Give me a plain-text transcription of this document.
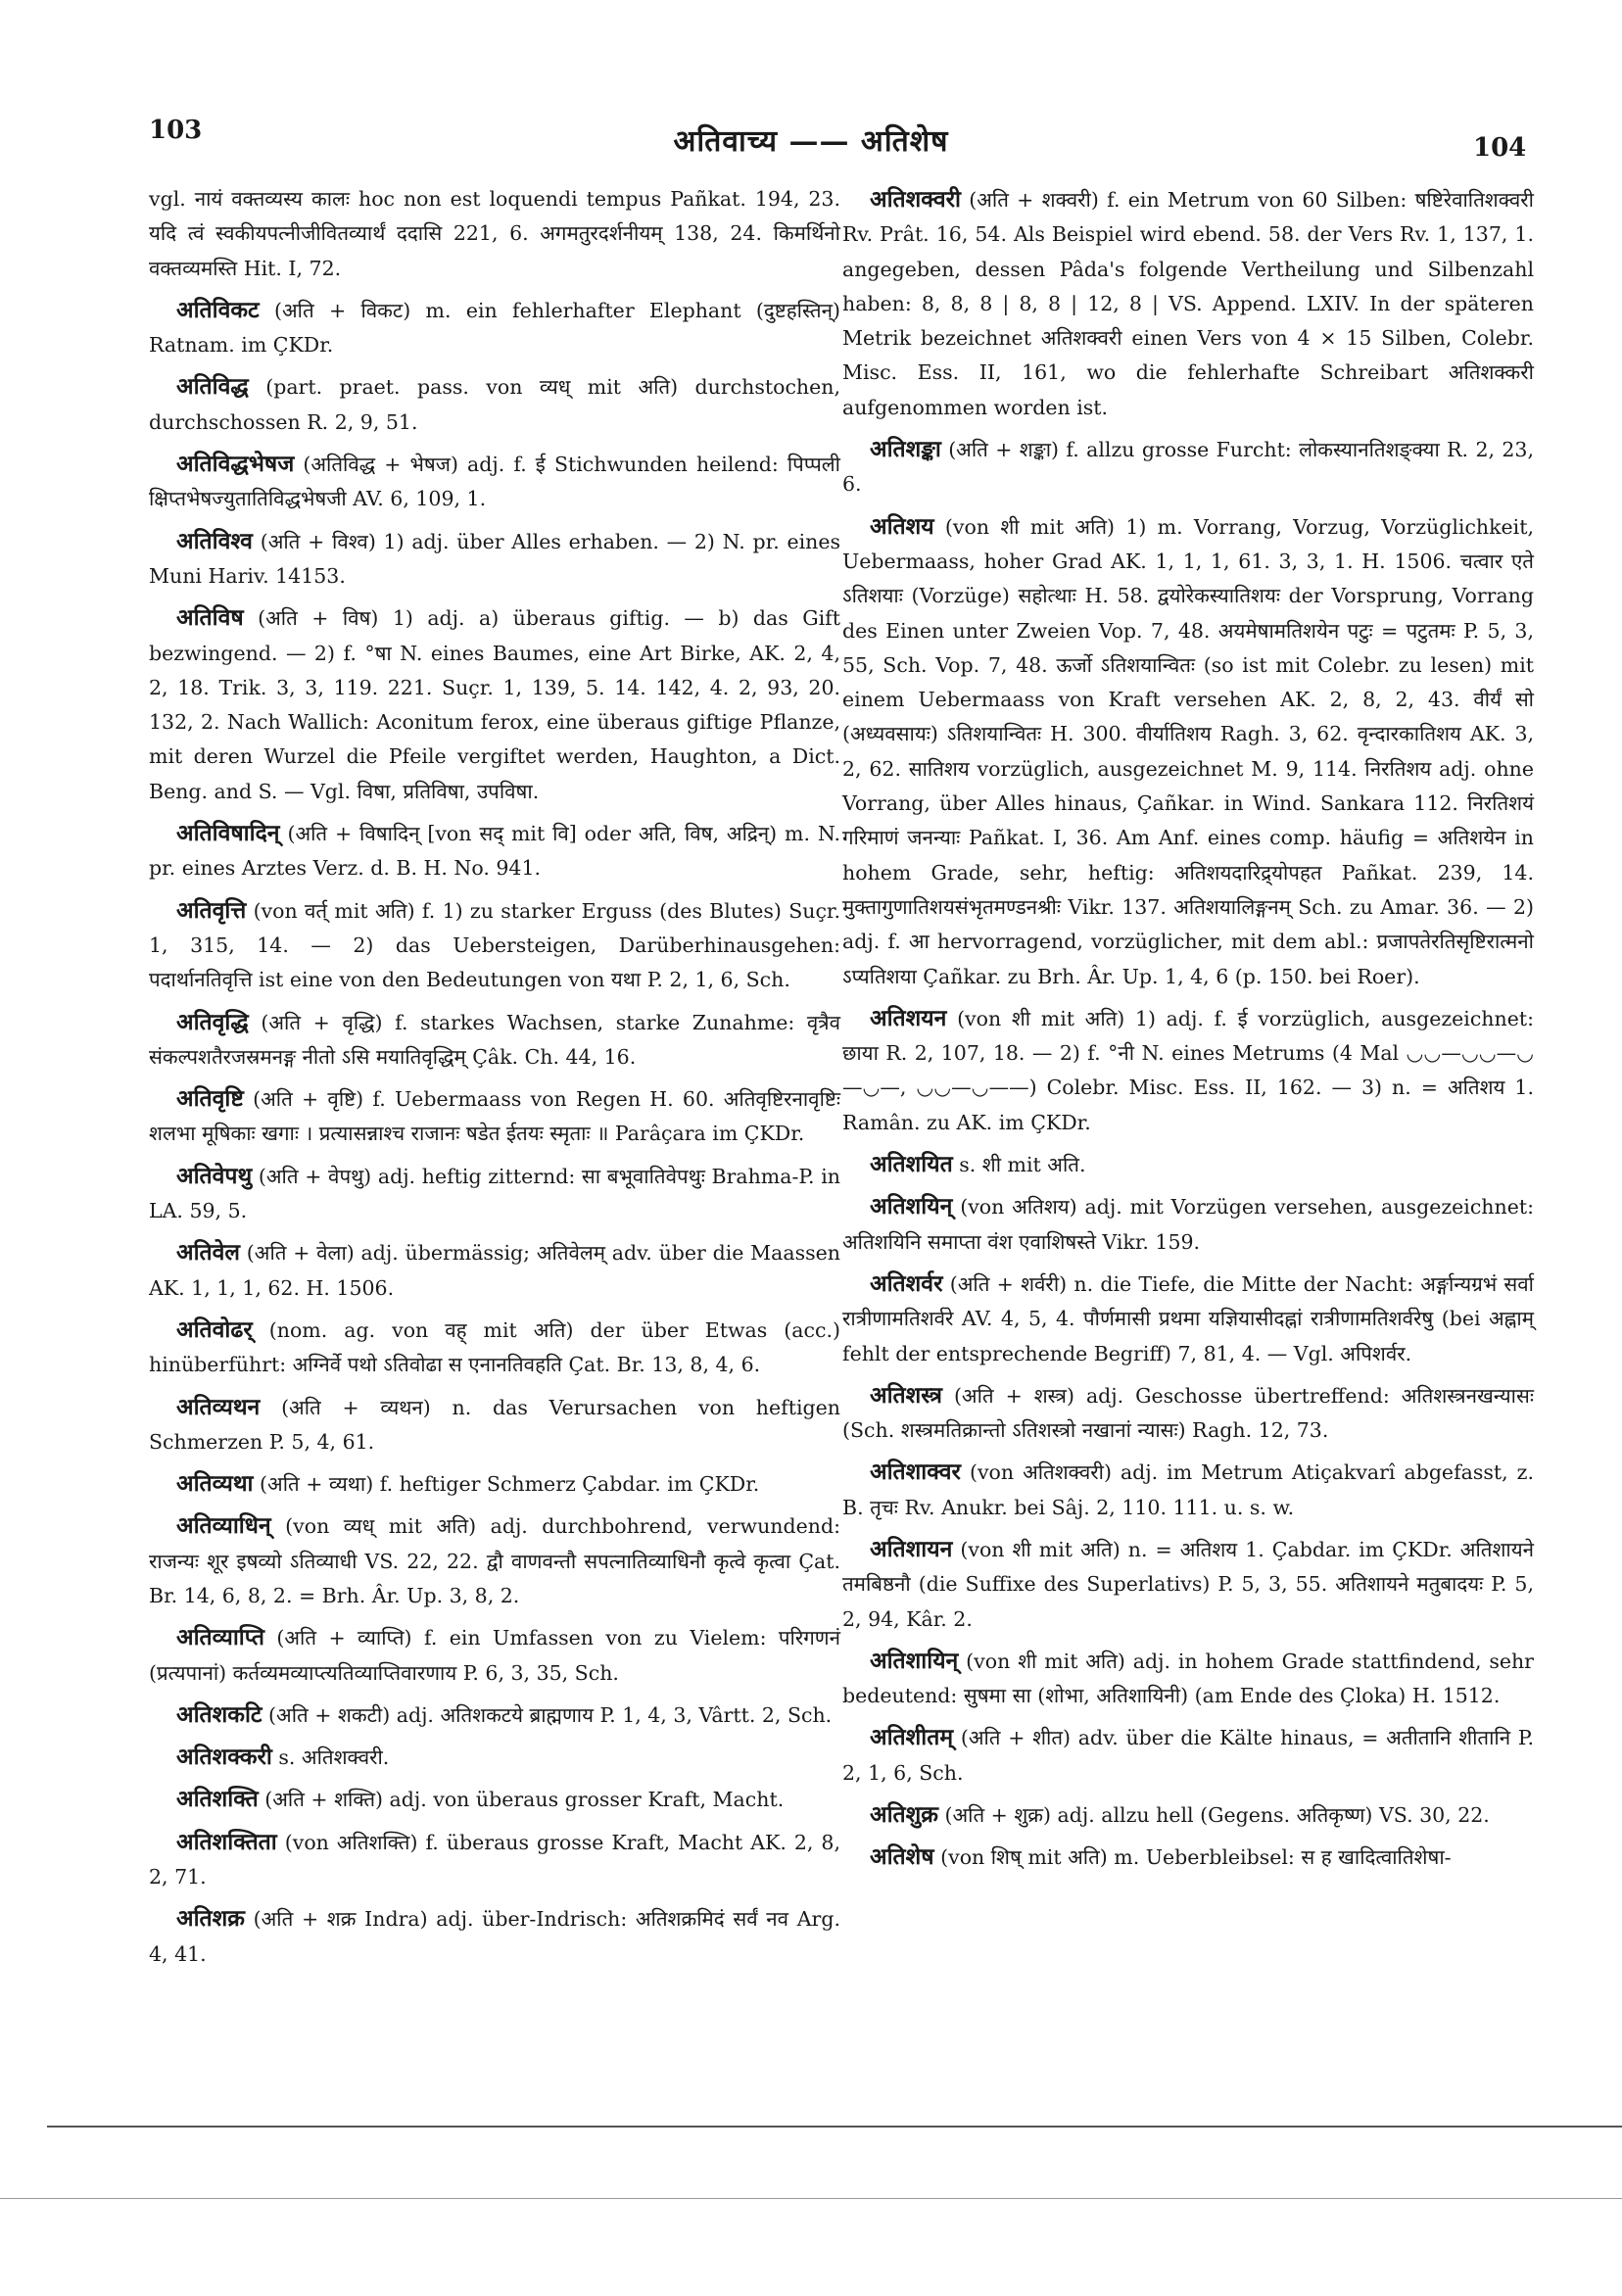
103	अतिवाच्य —— अतिशेष	104

vgl. नायं वक्तव्यस्य कालः hoc non est loquendi tempus Pañkat. 194, 23. यदि त्वं स्वकीयपत्नीजीवितव्यार्थं ददासि 221, 6. अगमतुरदर्शनीयम् 138, 24. किमर्थिनो वक्तव्यमस्ति Hit. I, 72.

अतिविकट (अति + विकट) m. ein fehlerhafter Elephant (दुष्टहस्तिन्) Ratnam. im ÇKDr.

अतिविद्ध (part. praet. pass. von व्यध् mit अति) durchstochen, durchschossen R. 2, 9, 51.

अतिविद्धभेषज (अतिविद्ध + भेषज) adj. f. ई Stichwunden heilend: पिप्पली क्षिप्तभेषज्युतातिविद्धभेषजी AV. 6, 109, 1.

अतिविश्व (अति + विश्व) 1) adj. über Alles erhaben. — 2) N. pr. eines Muni Hariv. 14153.

अतिविष (अति + विष) 1) adj. a) überaus giftig. — b) das Gift bezwingend. — 2) f. °षा N. eines Baumes, eine Art Birke, AK. 2, 4, 2, 18. Trik. 3, 3, 119. 221. Suçr. 1, 139, 5. 14. 142, 4. 2, 93, 20. 132, 2. Nach Wallich: Aconitum ferox, eine überaus giftige Pflanze, mit deren Wurzel die Pfeile vergiftet werden, Haughton, a Dict. Beng. and S. — Vgl. विषा, प्रतिविषा, उपविषा.

अतिविषादिन् (अति + विषादिन् [von सद् mit वि] oder अति, विष, अद्रिन्) m. N. pr. eines Arztes Verz. d. B. H. No. 941.

अतिवृत्ति (von वर्त् mit अति) f. 1) zu starker Erguss (des Blutes) Suçr. 1, 315, 14. — 2) das Uebersteigen, Darüberhinausgehen: पदार्थानतिवृत्ति ist eine von den Bedeutungen von यथा P. 2, 1, 6, Sch.

अतिवृद्धि (अति + वृद्धि) f. starkes Wachsen, starke Zunahme: वृत्रैव संकल्पशतैरजस्रमनङ्ग नीतो ऽसि मयातिवृद्धिम् Çâk. Ch. 44, 16.

अतिवृष्टि (अति + वृष्टि) f. Uebermaass von Regen H. 60. अतिवृष्टिरनावृष्टिः शलभा मूषिकाः खगाः । प्रत्यासन्नाश्च राजानः षडेत ईतयः स्मृताः ॥ Parâçara im ÇKDr.

अतिवेपथु (अति + वेपथु) adj. heftig zitternd: सा बभूवातिवेपथुः Brahma-P. in LA. 59, 5.

अतिवेल (अति + वेला) adj. übermässig; अतिवेलम् adv. über die Maassen AK. 1, 1, 1, 62. H. 1506.

अतिवोढर् (nom. ag. von वह् mit अति) der über Etwas (acc.) hinüberführt: अग्निर्वे पथो ऽतिवोढा स एनानतिवहति Çat. Br. 13, 8, 4, 6.

अतिव्यथन (अति + व्यथन) n. das Verursachen von heftigen Schmerzen P. 5, 4, 61.

अतिव्यथा (अति + व्यथा) f. heftiger Schmerz Çabdar. im ÇKDr.

अतिव्याधिन् (von व्यध् mit अति) adj. durchbohrend, verwundend: राजन्यः शूर इषव्यो ऽतिव्याधी VS. 22, 22. द्वौ वाणवन्तौ सपत्नातिव्याधिनौ कृत्वे कृत्वा Çat. Br. 14, 6, 8, 2. = Brh. Âr. Up. 3, 8, 2.

अतिव्याप्ति (अति + व्याप्ति) f. ein Umfassen von zu Vielem: परिगणनं (प्रत्यपानां) कर्तव्यमव्याप्त्यतिव्याप्तिवारणाय P. 6, 3, 35, Sch.

अतिशकटि (अति + शकटी) adj. अतिशकटये ब्राह्मणाय P. 1, 4, 3, Vârtt. 2, Sch.

अतिशक्करी s. अतिशक्वरी.

अतिशक्ति (अति + शक्ति) adj. von überaus grosser Kraft, Macht.

अतिशक्तिता (von अतिशक्ति) f. überaus grosse Kraft, Macht AK. 2, 8, 2, 71.

अतिशक्र (अति + शक्र Indra) adj. über-Indrisch: अतिशक्रमिदं सर्वं नव Arg. 4, 41.

अतिशक्वरी (अति + शक्वरी) f. ein Metrum von 60 Silben: षष्टिरेवातिशक्वरी Rv. Prât. 16, 54. Als Beispiel wird ebend. 58. der Vers Rv. 1, 137, 1. angegeben, dessen Pâda's folgende Vertheilung und Silbenzahl haben: 8, 8, 8 | 8, 8 | 12, 8 | VS. Append. LXIV. In der späteren Metrik bezeichnet अतिशक्वरी einen Vers von 4 × 15 Silben, Colebr. Misc. Ess. II, 161, wo die fehlerhafte Schreibart अतिशक्करी aufgenommen worden ist.

अतिशङ्का (अति + शङ्का) f. allzu grosse Furcht: लोकस्यानतिशङ्क्या R. 2, 23, 6.

अतिशय (von शी mit अति) 1) m. Vorrang, Vorzug, Vorzüglichkeit, Uebermaass, hoher Grad AK. 1, 1, 1, 61. 3, 3, 1. H. 1506. चत्वार एते ऽतिशयाः (Vorzüge) सहोत्थाः H. 58. द्वयोरेकस्यातिशयः der Vorsprung, Vorrang des Einen unter Zweien Vop. 7, 48. अयमेषामतिशयेन पटुः = पटुतमः P. 5, 3, 55, Sch. Vop. 7, 48. ऊर्जो ऽतिशयान्वितः (so ist mit Colebr. zu lesen) mit einem Uebermaass von Kraft versehen AK. 2, 8, 2, 43. वीर्यं सो (अध्यवसायः) ऽतिशयान्वितः H. 300. वीर्यातिशय Ragh. 3, 62. वृन्दारकातिशय AK. 3, 2, 62. सातिशय vorzüglich, ausgezeichnet M. 9, 114. निरतिशय adj. ohne Vorrang, über Alles hinaus, Çañkar. in Wind. Sankara 112. निरतिशयं गरिमाणं जनन्याः Pañkat. I, 36. Am Anf. eines comp. häufig = अतिशयेन in hohem Grade, sehr, heftig: अतिशयदारिद्र्योपहत Pañkat. 239, 14. मुक्तागुणातिशयसंभृतमण्डनश्रीः Vikr. 137. अतिशयालिङ्गनम् Sch. zu Amar. 36. — 2) adj. f. आ hervorragend, vorzüglicher, mit dem abl.: प्रजापतेरतिसृष्टिरात्मनो ऽप्यतिशया Çañkar. zu Brh. Âr. Up. 1, 4, 6 (p. 150. bei Roer).

अतिशयन (von शी mit अति) 1) adj. f. ई vorzüglich, ausgezeichnet: छाया R. 2, 107, 18. — 2) f. °नी N. eines Metrums (4 Mal ◡◡—◡◡—◡—◡—, ◡◡—◡——) Colebr. Misc. Ess. II, 162. — 3) n. = अतिशय 1. Ramân. zu AK. im ÇKDr.

अतिशयित s. शी mit अति.

अतिशयिन् (von अतिशय) adj. mit Vorzügen versehen, ausgezeichnet: अतिशयिनि समाप्ता वंश एवाशिषस्ते Vikr. 159.

अतिशर्वर (अति + शर्वरी) n. die Tiefe, die Mitte der Nacht: अर्ङ्गान्यग्रभं सर्वा रात्रीणामतिशर्वरे AV. 4, 5, 4. पौर्णमासी प्रथमा यज्ञियासीदह्नां रात्रीणामतिशर्वरेषु (bei अह्नाम् fehlt der entsprechende Begriff) 7, 81, 4. — Vgl. अपिशर्वर.

अतिशस्त्र (अति + शस्त्र) adj. Geschosse übertreffend: अतिशस्त्रनखन्यासः (Sch. शस्त्रमतिक्रान्तो ऽतिशस्त्रो नखानां न्यासः) Ragh. 12, 73.

अतिशाक्वर (von अतिशक्वरी) adj. im Metrum Atiçakvarî abgefasst, z. B. तृचः Rv. Anukr. bei Sâj. 2, 110. 111. u. s. w.

अतिशायन (von शी mit अति) n. = अतिशय 1. Çabdar. im ÇKDr. अतिशायने तमबिष्ठनौ (die Suffixe des Superlativs) P. 5, 3, 55. अतिशायने मतुबादयः P. 5, 2, 94, Kâr. 2.

अतिशायिन् (von शी mit अति) adj. in hohem Grade stattfindend, sehr bedeutend: सुषमा सा (शोभा, अतिशायिनी) (am Ende des Çloka) H. 1512.

अतिशीतम् (अति + शीत) adv. über die Kälte hinaus, = अतीतानि शीतानि P. 2, 1, 6, Sch.

अतिशुक्र (अति + शुक्र) adj. allzu hell (Gegens. अतिकृष्ण) VS. 30, 22.

अतिशेष (von शिष् mit अति) m. Ueberbleibsel: स ह खादित्वातिशेषा-
